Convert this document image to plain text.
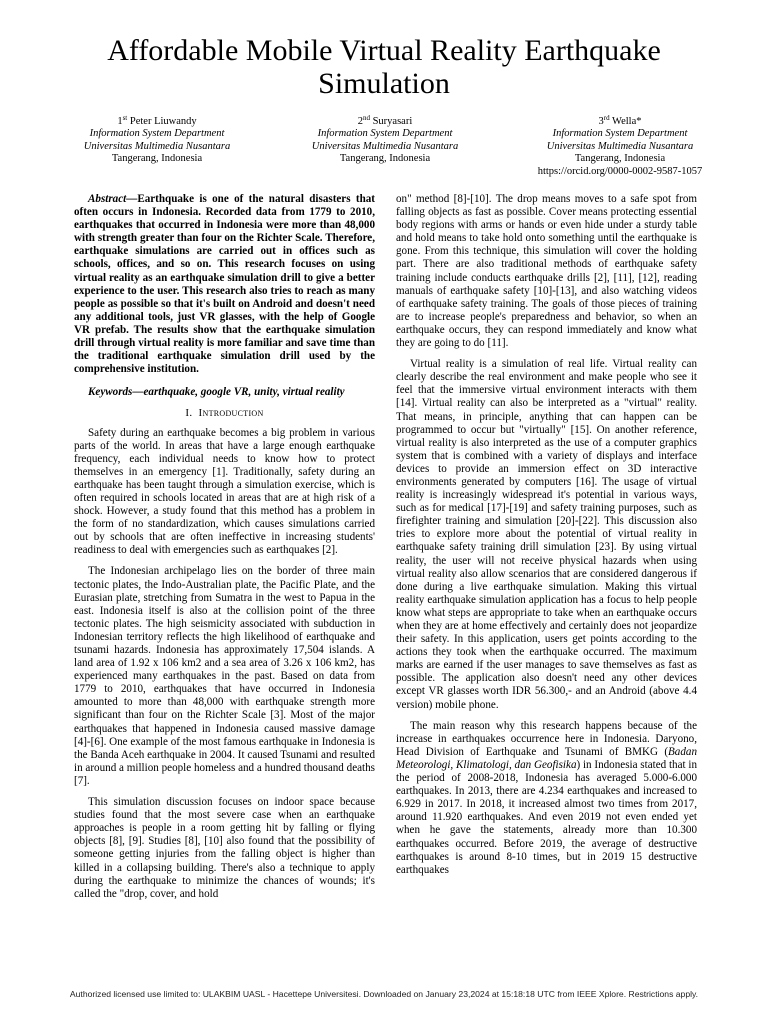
Affordable Mobile Virtual Reality Earthquake Simulation
1st Peter Liuwandy
Information System Department
Universitas Multimedia Nusantara
Tangerang, Indonesia
2nd Suryasari
Information System Department
Universitas Multimedia Nusantara
Tangerang, Indonesia
3rd Wella*
Information System Department
Universitas Multimedia Nusantara
Tangerang, Indonesia
https://orcid.org/0000-0002-9587-1057

Abstract—Earthquake is one of the natural disasters that often occurs in Indonesia. Recorded data from 1779 to 2010, earthquakes that occurred in Indonesia were more than 48,000 with strength greater than four on the Richter Scale. Therefore, earthquake simulations are carried out in offices such as schools, offices, and so on. This research focuses on using virtual reality as an earthquake simulation drill to give a better experience to the user. This research also tries to reach as many people as possible so that it's built on Android and doesn't need any additional tools, just VR glasses, with the help of Google VR prefab. The results show that the earthquake simulation drill through virtual reality is more familiar and save time than the traditional earthquake simulation drill used by the comprehensive institution.

Keywords—earthquake, google VR, unity, virtual reality

I. Introduction

Safety during an earthquake becomes a big problem in various parts of the world. In areas that have a large enough earthquake frequency, each individual needs to know how to protect themselves in an emergency [1]. Traditionally, safety during an earthquake has been taught through a simulation exercise, which is often required in schools located in areas that are at high risk of a shock. However, a study found that this method has a problem in the form of no standardization, which causes simulations carried out by schools that are often ineffective in increasing students' readiness to deal with emergencies such as earthquakes [2].

The Indonesian archipelago lies on the border of three main tectonic plates, the Indo-Australian plate, the Pacific Plate, and the Eurasian plate, stretching from Sumatra in the west to Papua in the east. Indonesia itself is also at the collision point of the three tectonic plates. The high seismicity associated with subduction in Indonesian territory reflects the high likelihood of earthquake and tsunami hazards. Indonesia has approximately 17,504 islands. A land area of 1.92 x 106 km2 and a sea area of 3.26 x 106 km2, has experienced many earthquakes in the past. Based on data from 1779 to 2010, earthquakes that have occurred in Indonesia amounted to more than 48,000 with earthquake strength more significant than four on the Richter Scale [3]. Most of the major earthquakes that happened in Indonesia caused massive damage [4]-[6]. One example of the most famous earthquake in Indonesia is the Banda Aceh earthquake in 2004. It caused Tsunami and resulted in around a million people homeless and a hundred thousand deaths [7].

This simulation discussion focuses on indoor space because studies found that the most severe case when an earthquake approaches is people in a room getting hit by falling or flying objects [8], [9]. Studies [8], [10] also found that the possibility of someone getting injuries from the falling object is higher than killed in a collapsing building. There's also a technique to apply during the earthquake to minimize the chances of wounds; it's called the "drop, cover, and hold

on" method [8]-[10]. The drop means moves to a safe spot from falling objects as fast as possible. Cover means protecting essential body regions with arms or hands or even hide under a sturdy table and hold means to take hold onto something until the earthquake is gone. From this technique, this simulation will cover the holding part. There are also traditional methods of earthquake safety training include conducts earthquake drills [2], [11], [12], reading manuals of earthquake safety [10]-[13], and also watching videos of earthquake safety training. The goals of those pieces of training are to increase people's preparedness and behavior, so when an earthquake occurs, they can respond immediately and know what they are going to do [11].

Virtual reality is a simulation of real life. Virtual reality can clearly describe the real environment and make people who see it feel that the immersive virtual environment interacts with them [14]. Virtual reality can also be interpreted as a "virtual" reality. That means, in principle, anything that can happen can be programmed to occur but "virtually" [15]. On another reference, virtual reality is also interpreted as the use of a computer graphics system that is combined with a variety of displays and interface devices to provide an immersion effect on 3D interactive environments generated by computers [16]. The usage of virtual reality is increasingly widespread it's potential in various ways, such as for medical [17]-[19] and safety training purposes, such as firefighter training and simulation [20]-[22]. This discussion also tries to explore more about the potential of virtual reality in earthquake safety training drill simulation [23]. By using virtual reality, the user will not receive physical hazards when using virtual reality also allow scenarios that are considered dangerous if done during a live earthquake simulation. Making this virtual reality earthquake simulation application has a focus to help people know what steps are appropriate to take when an earthquake occurs when they are at home effectively and certainly does not jeopardize their safety. In this application, users get points according to the actions they took when the earthquake occurred. The maximum marks are earned if the user manages to save themselves as fast as possible. The application also doesn't need any other devices except VR glasses worth IDR 56.300,- and an Android (above 4.4 version) mobile phone.

The main reason why this research happens because of the increase in earthquakes occurrence here in Indonesia. Daryono, Head Division of Earthquake and Tsunami of BMKG (Badan Meteorologi, Klimatologi, dan Geofisika) in Indonesia stated that in the period of 2008-2018, Indonesia has averaged 5.000-6.000 earthquakes. In 2013, there are 4.234 earthquakes and increased to 6.929 in 2017. In 2018, it increased almost two times from 2017, around 11.920 earthquakes. And even 2019 not even ended yet when he gave the statements, already more than 10.300 earthquakes occurred. Before 2019, the average of destructive earthquakes is around 8-10 times, but in 2019 15 destructive earthquakes

Authorized licensed use limited to: ULAKBIM UASL - Hacettepe Universitesi. Downloaded on January 23,2024 at 15:18:18 UTC from IEEE Xplore. Restrictions apply.
